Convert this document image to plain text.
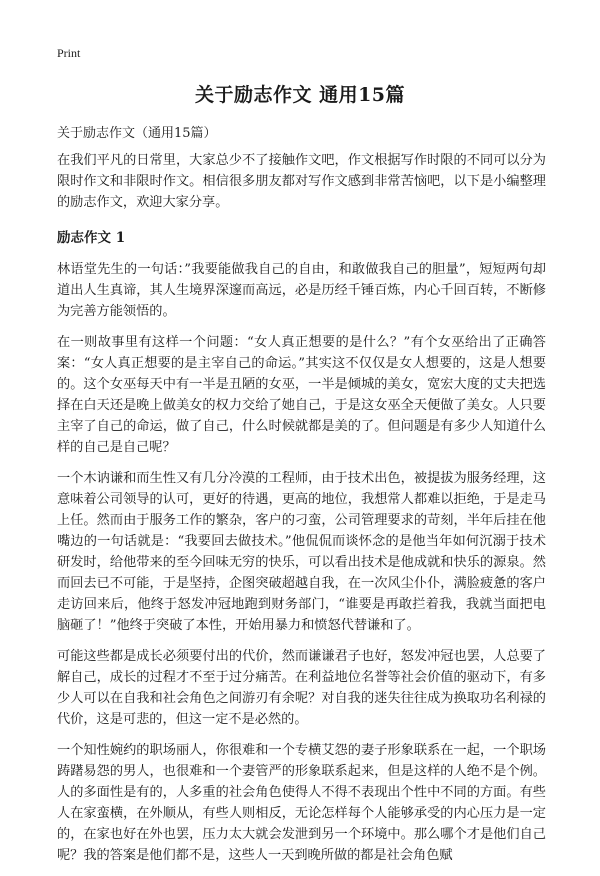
Print
关于励志作文 通用15篇

关于励志作文（通用15篇）

在我们平凡的日常里，大家总少不了接触作文吧，作文根据写作时限的不同可以分为限时作文和非限时作文。相信很多朋友都对写作文感到非常苦恼吧，以下是小编整理的励志作文，欢迎大家分享。

励志作文 1

林语堂先生的一句话：”我要能做我自己的自由，和敢做我自己的胆量”，短短两句却道出人生真谛，其人生境界深邃而高远，必是历经千锤百炼，内心千回百转，不断修为完善方能领悟的。

在一则故事里有这样一个问题：“女人真正想要的是什么？”有个女巫给出了正确答案：“女人真正想要的是主宰自己的命运。”其实这不仅仅是女人想要的，这是人想要的。这个女巫每天中有一半是丑陋的女巫，一半是倾城的美女，宽宏大度的丈夫把选择在白天还是晚上做美女的权力交给了她自己，于是这女巫全天便做了美女。人只要主宰了自己的命运，做了自己，什么时候就都是美的了。但问题是有多少人知道什么样的自己是自己呢？

一个木讷谦和而生性又有几分冷漠的工程师，由于技术出色，被提拔为服务经理，这意味着公司领导的认可，更好的待遇，更高的地位，我想常人都难以拒绝，于是走马上任。然而由于服务工作的繁杂，客户的刁蛮，公司管理要求的苛刻，半年后挂在他嘴边的一句话就是：“我要回去做技术。”他侃侃而谈怀念的是他当年如何沉溺于技术研发时，给他带来的至今回味无穷的快乐，可以看出技术是他成就和快乐的源泉。然而回去已不可能，于是坚持，企图突破超越自我，在一次风尘仆仆，满脸疲惫的客户走访回来后，他终于怒发冲冠地跑到财务部门，“谁要是再敢拦着我，我就当面把电脑砸了！”他终于突破了本性，开始用暴力和愤怒代替谦和了。

可能这些都是成长必须要付出的代价，然而谦谦君子也好，怒发冲冠也罢，人总要了解自己，成长的过程才不至于过分痛苦。在利益地位名誉等社会价值的驱动下，有多少人可以在自我和社会角色之间游刃有余呢？对自我的迷失往往成为换取功名利禄的代价，这是可悲的，但这一定不是必然的。

一个知性婉约的职场丽人，你很难和一个专横艾怨的妻子形象联系在一起，一个职场踌躇易怨的男人，也很难和一个妻管严的形象联系起来，但是这样的人绝不是个例。人的多面性是有的，人多重的社会角色使得人不得不表现出个性中不同的方面。有些人在家蛮横，在外顺从，有些人则相反，无论怎样每个人能够承受的内心压力是一定的，在家也好在外也罢，压力太大就会发泄到另一个环境中。那么哪个才是他们自己呢？我的答案是他们都不是，这些人一天到晚所做的都是社会角色赋
